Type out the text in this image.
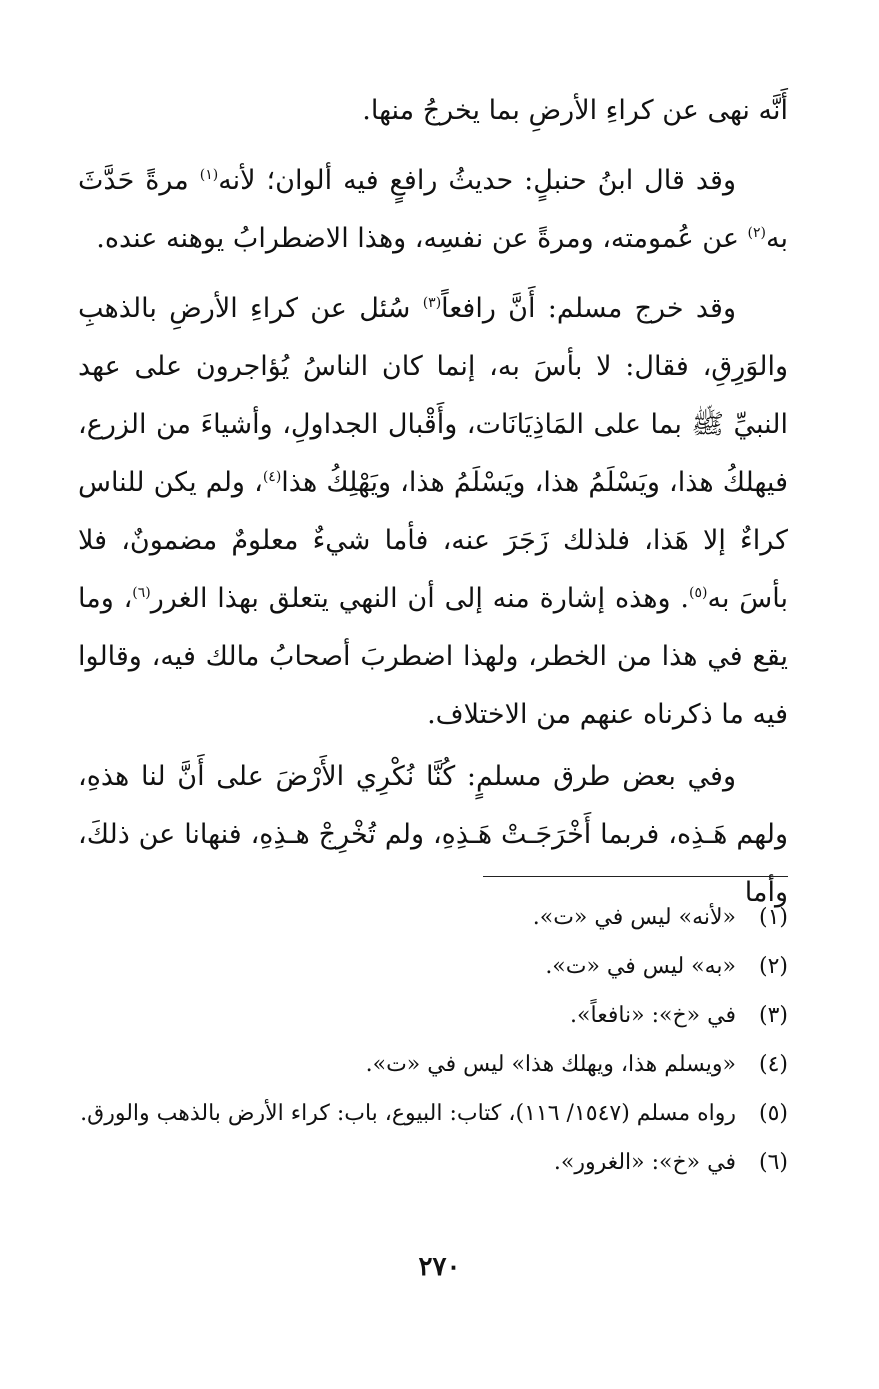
أَنَّه نهى عن كراءِ الأرضِ بما يخرجُ منها.

وقد قال ابنُ حنبلٍ: حديثُ رافعٍ فيه ألوان؛ لأنه$^{(١)}$ مرةً حَدَّثَ به$^{(٢)}$ عن عُمومته، ومرةً عن نفسِه، وهذا الاضطرابُ يوهنه عنده.

وقد خرج مسلم: أَنَّ رافعاً$^{(٣)}$ سُئل عن كراءِ الأرضِ بالذهبِ والوَرِقِ، فقال: لا بأسَ به، إنما كان الناسُ يُؤاجرون على عهد النبيِّ ﷺ بما على المَاذِيَانَات، وأَقْبال الجداولِ، وأشياءَ من الزرع، فيهلكُ هذا، ويَسْلَمُ هذا، ويَسْلَمُ هذا، ويَهْلِكُ هذا$^{(٤)}$، ولم يكن للناس كراءٌ إلا هَذا، فلذلك زَجَرَ عنه، فأما شيءٌ معلومٌ مضمونٌ، فلا بأسَ به$^{(٥)}$. وهذه إشارة منه إلى أن النهي يتعلق بهذا الغرر$^{(٦)}$، وما يقع في هذا من الخطر، ولهذا اضطربَ أصحابُ مالك فيه، وقالوا فيه ما ذكرناه عنهم من الاختلاف.

وفي بعض طرق مسلمٍ: كُنَّا نُكْرِي الأَرْضَ على أَنَّ لنا هذهِ، ولهم هَـذِه، فربما أَخْرَجَـتْ هَـذِهِ، ولم تُخْرِجْ هـذِهِ، فنهانا عن ذلكَ، وأما

(١)
«لأنه» ليس في «ت».
(٢)
«به» ليس في «ت».
(٣)
في «خ»: «نافعاً».
(٤)
«ويسلم هذا، ويهلك هذا» ليس في «ت».
(٥)
رواه مسلم (١٥٤٧/ ١١٦)، كتاب: البيوع، باب: كراء الأرض بالذهب والورق.
(٦)
في «خ»: «الغرور».
٢٧٠
